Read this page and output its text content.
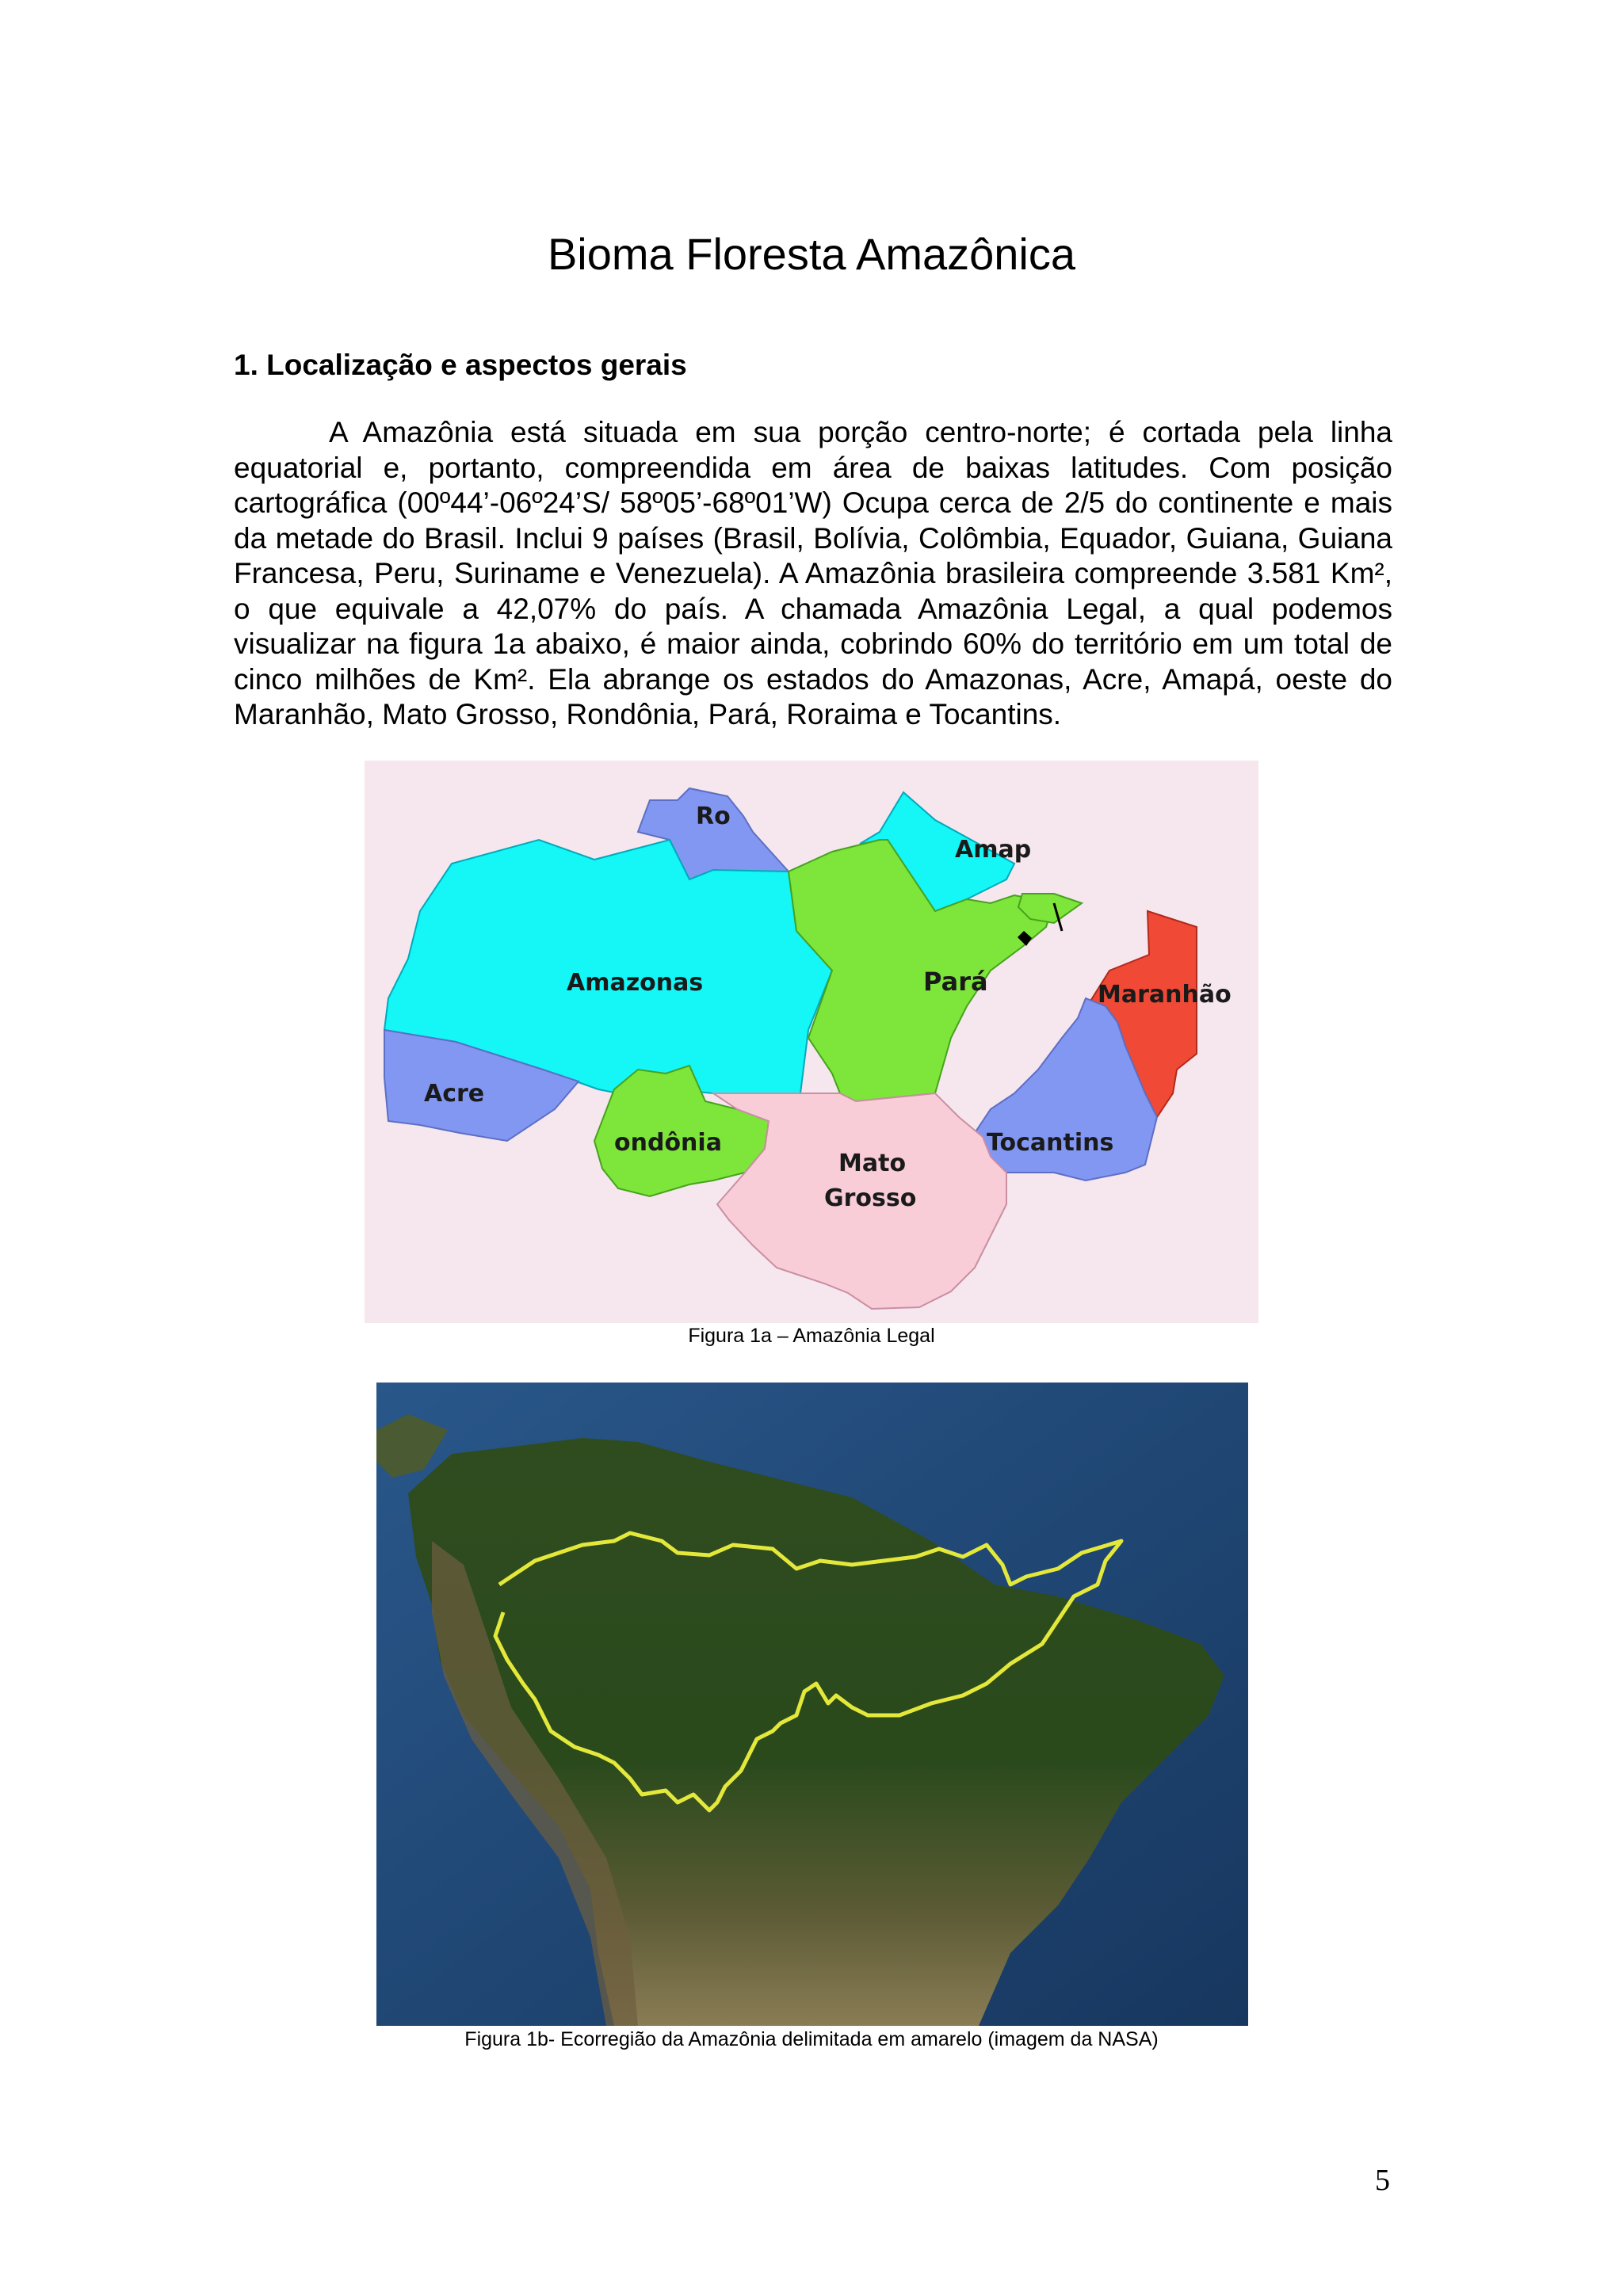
Bioma Floresta Amazônica
1. Localização e aspectos gerais
A Amazônia está situada em sua porção centro-norte; é cortada pela linha equatorial e, portanto, compreendida em área de baixas latitudes. Com posição cartográfica (00º44’-06º24’S/ 58º05’-68º01’W) Ocupa cerca de 2/5 do continente e mais da metade do Brasil. Inclui 9 países (Brasil, Bolívia, Colômbia, Equador, Guiana, Guiana Francesa, Peru, Suriname e Venezuela). A Amazônia brasileira compreende 3.581 Km², o que equivale a 42,07% do país. A chamada Amazônia Legal, a qual podemos visualizar na figura 1a abaixo, é maior ainda, cobrindo 60% do território em um total de cinco milhões de Km². Ela abrange os estados do Amazonas, Acre, Amapá, oeste do Maranhão, Mato Grosso, Rondônia, Pará, Roraima e Tocantins.
Ro
Amap
Amazonas	Pará	Maranhão
Acre
ondônia
Mato
Grosso
Tocantins
Figura 1a – Amazônia Legal
Figura 1b- Ecorregião da Amazônia delimitada em amarelo (imagem da NASA)
5
